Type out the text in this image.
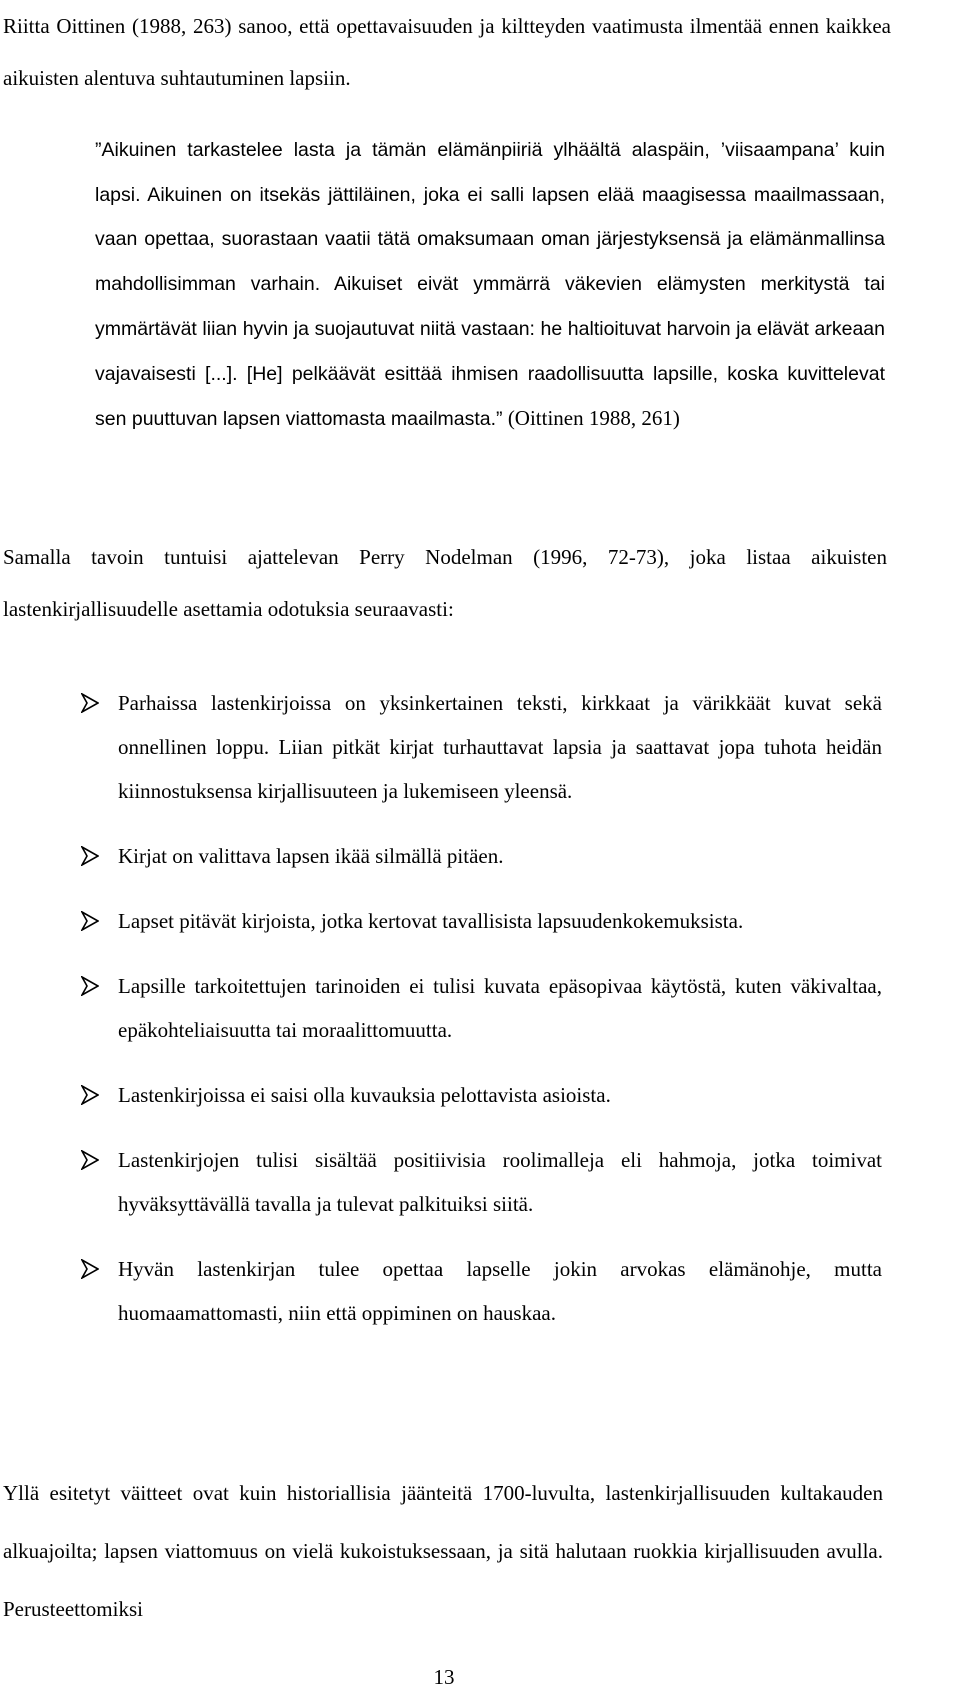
Riitta Oittinen (1988, 263) sanoo, että opettavaisuuden ja kiltteyden vaatimusta ilmentää ennen kaikkea aikuisten alentuva suhtautuminen lapsiin.

”Aikuinen tarkastelee lasta ja tämän elämänpiiriä ylhäältä alaspäin, ’viisaampana’ kuin lapsi. Aikuinen on itsekäs jättiläinen, joka ei salli lapsen elää maagisessa maailmassaan, vaan opettaa, suorastaan vaatii tätä omaksumaan oman järjestyksensä ja elämänmallinsa mahdollisimman varhain. Aikuiset eivät ymmärrä väkevien elämysten merkitystä tai ymmärtävät liian hyvin ja suojautuvat niitä vastaan: he haltioituvat harvoin ja elävät arkeaan vajavaisesti [...]. [He] pelkäävät esittää ihmisen raadollisuutta lapsille, koska kuvittelevat sen puuttuvan lapsen viattomasta maailmasta.” (Oittinen 1988, 261)

Samalla tavoin tuntuisi ajattelevan Perry Nodelman (1996, 72-73), joka listaa aikuisten lastenkirjallisuudelle asettamia odotuksia seuraavasti:

Parhaissa lastenkirjoissa on yksinkertainen teksti, kirkkaat ja värikkäät kuvat sekä onnellinen loppu. Liian pitkät kirjat turhauttavat lapsia ja saattavat jopa tuhota heidän kiinnostuksensa kirjallisuuteen ja lukemiseen yleensä.
Kirjat on valittava lapsen ikää silmällä pitäen.
Lapset pitävät kirjoista, jotka kertovat tavallisista lapsuudenkokemuksista.
Lapsille tarkoitettujen tarinoiden ei tulisi kuvata epäsopivaa käytöstä, kuten väkivaltaa, epäkohteliaisuutta tai moraalittomuutta.
Lastenkirjoissa ei saisi olla kuvauksia pelottavista asioista.
Lastenkirjojen tulisi sisältää positiivisia roolimalleja eli hahmoja, jotka toimivat hyväksyttävällä tavalla ja tulevat palkituiksi siitä.
Hyvän lastenkirjan tulee opettaa lapselle jokin arvokas elämänohje, mutta huomaamattomasti, niin että oppiminen on hauskaa.

Yllä esitetyt väitteet ovat kuin historiallisia jäänteitä 1700-luvulta, lastenkirjallisuuden kultakauden alkuajoilta; lapsen viattomuus on vielä kukoistuksessaan, ja sitä halutaan ruokkia kirjallisuuden avulla. Perusteettomiksi

13
